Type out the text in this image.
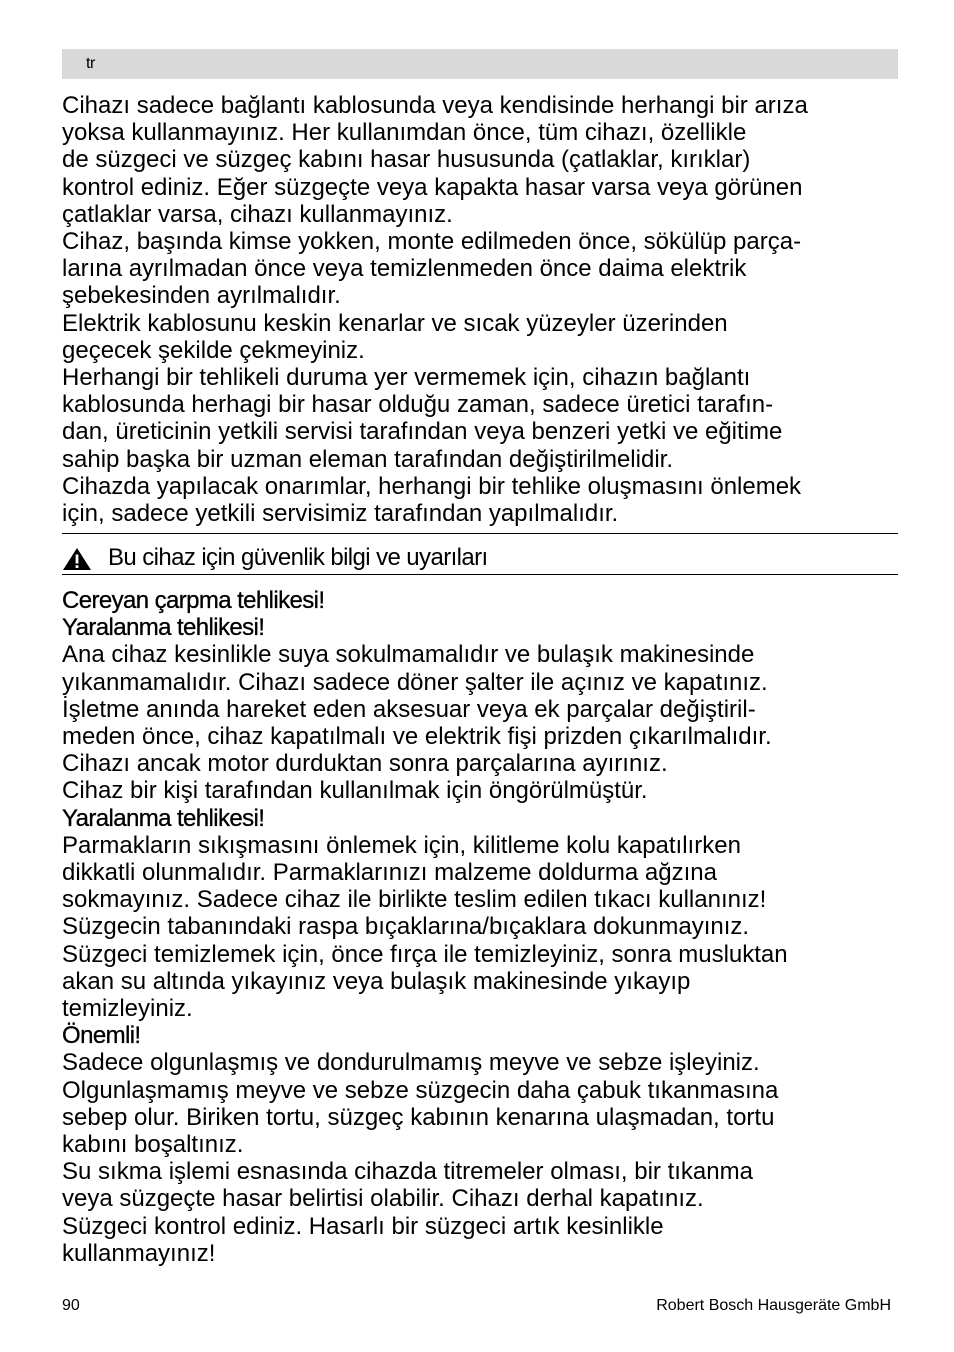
tr

Cihazı sadece bağlantı kablosunda veya kendisinde herhangi bir arıza

yoksa kullanmayınız. Her kullanımdan önce, tüm cihazı, özellikle

de süzgeci ve süzgeç kabını hasar hususunda (çatlaklar, kırıklar)

kontrol ediniz. Eğer süzgeçte veya kapakta hasar varsa veya görünen

çatlaklar varsa, cihazı kullanmayınız.

Cihaz, başında kimse yokken, monte edilmeden önce, sökülüp parça-

larına ayrılmadan önce veya temizlenmeden önce daima elektrik

şebekesinden ayrılmalıdır.

Elektrik kablosunu keskin kenarlar ve sıcak yüzeyler üzerinden

geçecek şekilde çekmeyiniz.

Herhangi bir tehlikeli duruma yer vermemek için, cihazın bağlantı

kablosunda herhagi bir hasar olduğu zaman, sadece üretici tarafın-

dan, üreticinin yetkili servisi tarafından veya benzeri yetki ve eğitime

sahip başka bir uzman eleman tarafından değiştirilmelidir.

Cihazda yapılacak onarımlar, herhangi bir tehlike oluşmasını önlemek

için, sadece yetkili servisimiz tarafından yapılmalıdır.

Bu cihaz için güvenlik bilgi ve uyarıları

Cereyan çarpma tehlikesi!

Yaralanma tehlikesi!

Ana cihaz kesinlikle suya sokulmamalıdır ve bulaşık makinesinde

yıkanmamalıdır. Cihazı sadece döner şalter ile açınız ve kapatınız.

İşletme anında hareket eden aksesuar veya ek parçalar değiştiril-

meden önce, cihaz kapatılmalı ve elektrik fişi prizden çıkarılmalıdır.

Cihazı ancak motor durduktan sonra parçalarına ayırınız.

Cihaz bir kişi tarafından kullanılmak için öngörülmüştür.

Yaralanma tehlikesi!

Parmakların sıkışmasını önlemek için, kilitleme kolu kapatılırken

dikkatli olunmalıdır. Parmaklarınızı malzeme doldurma ağzına

sokmayınız. Sadece cihaz ile birlikte teslim edilen tıkacı kullanınız!

Süzgecin tabanındaki raspa bıçaklarına/bıçaklara dokunmayınız.

Süzgeci temizlemek için, önce fırça ile temizleyiniz, sonra musluktan

akan su altında yıkayınız veya bulaşık makinesinde yıkayıp

temizleyiniz.

Önemli!

Sadece olgunlaşmış ve dondurulmamış meyve ve sebze işleyiniz.

Olgunlaşmamış meyve ve sebze süzgecin daha çabuk tıkanmasına

sebep olur. Biriken tortu, süzgeç kabının kenarına ulaşmadan, tortu

kabını boşaltınız.

Su sıkma işlemi esnasında cihazda titremeler olması, bir tıkanma

veya süzgeçte hasar belirtisi olabilir. Cihazı derhal kapatınız.

Süzgeci kontrol ediniz. Hasarlı bir süzgeci artık kesinlikle

kullanmayınız!

90	Robert Bosch Hausgeräte GmbH
